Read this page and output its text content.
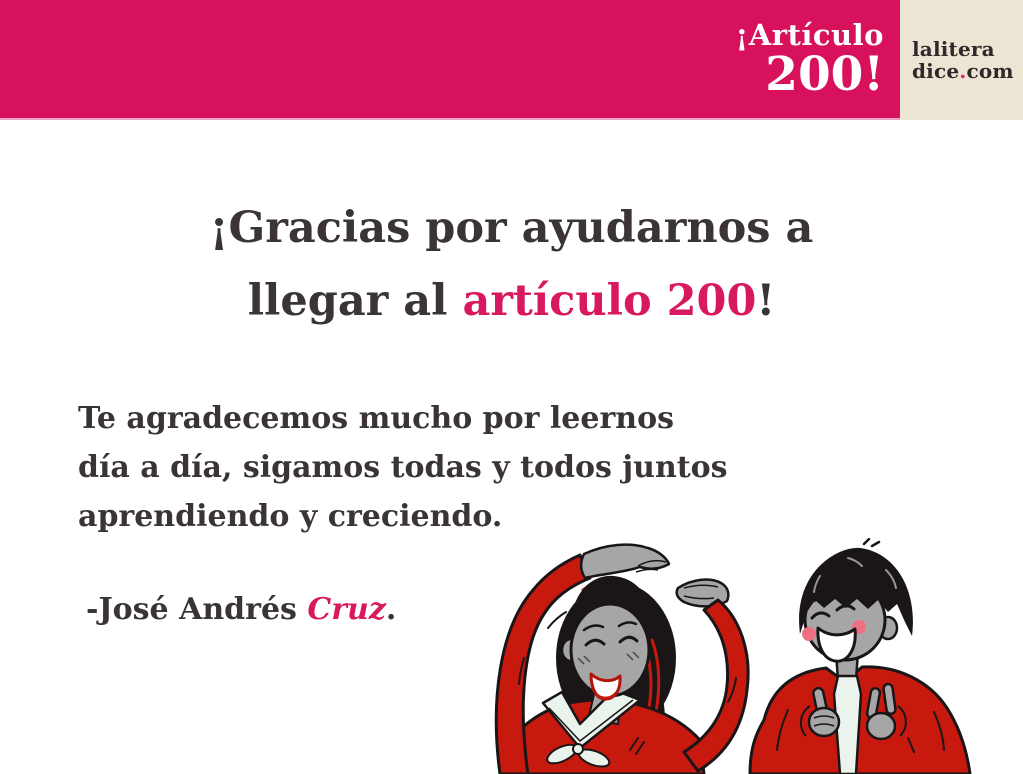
¡Artículo
200! lalitera
dice.com
¡Gracias por ayudarnos a
llegar al artículo 200!

Te agradecemos mucho por leernos
día a día, sigamos todas y todos juntos
aprendiendo y creciendo.

-José Andrés Cruz.
